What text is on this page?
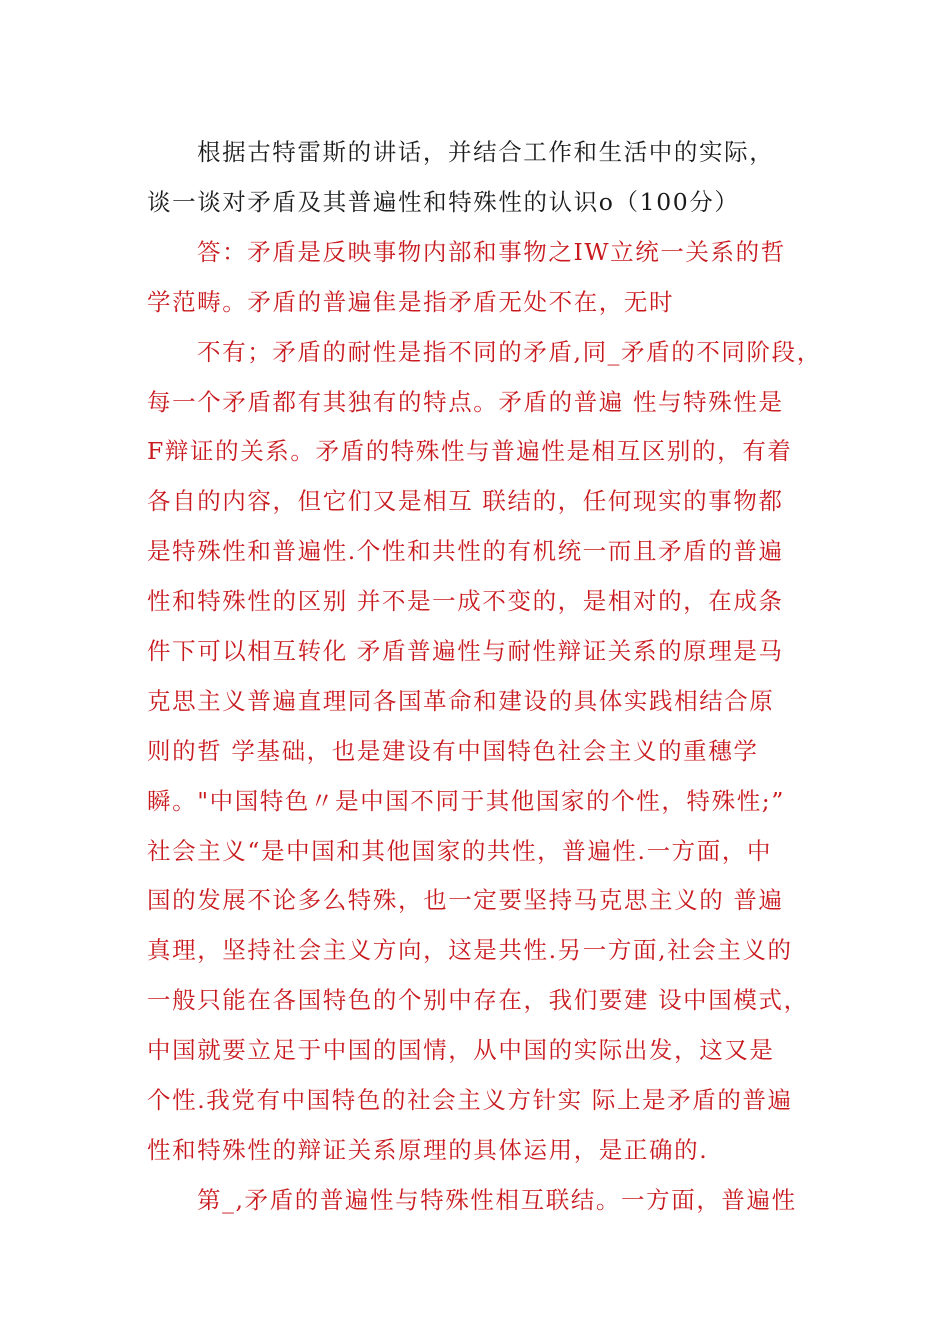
根据古特雷斯的讲话，并结合工作和生活中的实际，
谈一谈对矛盾及其普遍性和特殊性的认识o（100分）
答：矛盾是反映事物内部和事物之IW立统一关系的哲
学范畴。矛盾的普遍隹是指矛盾无处不在，无时
不有；矛盾的耐性是指不同的矛盾,同_矛盾的不同阶段，
每一个矛盾都有其独有的特点。矛盾的普遍 性与特殊性是
F辩证的关系。矛盾的特殊性与普遍性是相互区别的，有着
各自的内容，但它们又是相互 联结的，任何现实的事物都
是特殊性和普遍性.个性和共性的有机统一而且矛盾的普遍
性和特殊性的区别 并不是一成不变的，是相对的，在成条
件下可以相互转化 矛盾普遍性与耐性辩证关系的原理是马
克思主义普遍直理同各国革命和建设的具体实践相结合原
则的哲 学基础，也是建设有中国特色社会主义的重穗学
瞬。"中国特色〃是中国不同于其他国家的个性，特殊性;”
社会主义“是中国和其他国家的共性，普遍性.一方面，中
国的发展不论多么特殊，也一定要坚持马克思主义的 普遍
真理，坚持社会主义方向，这是共性.另一方面,社会主义的
一般只能在各国特色的个别中存在，我们要建 设中国模式，
中国就要立足于中国的国情，从中国的实际出发，这又是
个性.我党有中国特色的社会主义方针实 际上是矛盾的普遍
性和特殊性的辩证关系原理的具体运用，是正确的.
第_,矛盾的普遍性与特殊性相互联结。一方面，普遍性
